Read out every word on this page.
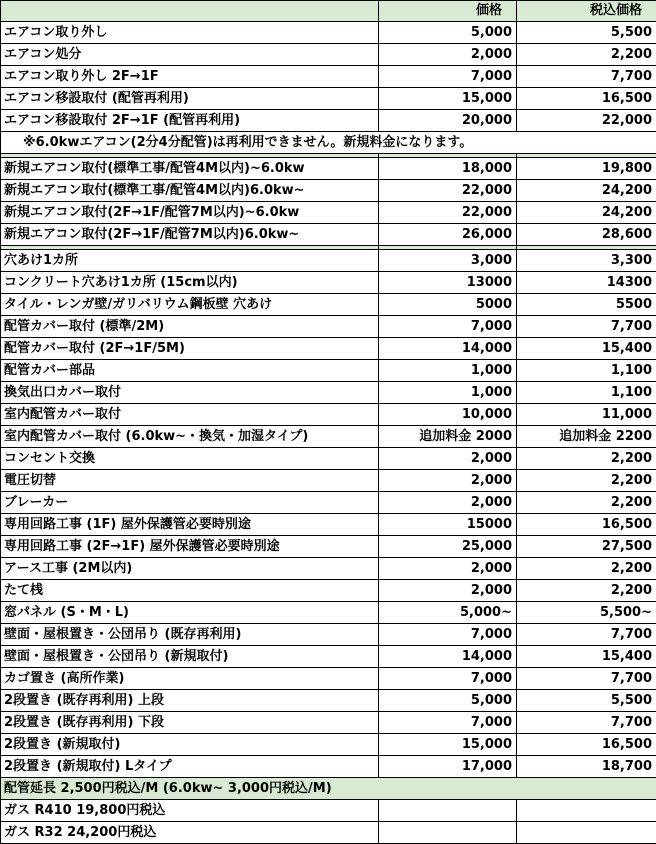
	価格	税込価格
エアコン取り外し	5,000	5,500
エアコン処分	2,000	2,200
エアコン取り外し 2F→1F	7,000	7,700
エアコン移設取付 (配管再利用)	15,000	16,500
エアコン移設取付 2F→1F (配管再利用)	20,000	22,000
※6.0kwエアコン(2分4分配管)は再利用できません。新規料金になります。		

新規エアコン取付(標準工事/配管4M以内)~6.0kw	18,000	19,800
新規エアコン取付(標準工事/配管4M以内)6.0kw~	22,000	24,200
新規エアコン取付(2F→1F/配管7M以内)~6.0kw	22,000	24,200
新規エアコン取付(2F→1F/配管7M以内)6.0kw~	26,000	28,600

穴あけ1カ所	3,000	3,300
コンクリート穴あけ1カ所 (15cm以内)	13000	14300
タイル・レンガ壁/ガリバリウム鋼板壁 穴あけ	5000	5500
配管カバー取付 (標準/2M)	7,000	7,700
配管カバー取付 (2F→1F/5M)	14,000	15,400
配管カバー部品	1,000	1,100
換気出口カバー取付	1,000	1,100
室内配管カバー取付	10,000	11,000
室内配管カバー取付 (6.0kw~・換気・加湿タイプ)	追加料金 2000	追加料金 2200
コンセント交換	2,000	2,200
電圧切替	2,000	2,200
ブレーカー	2,000	2,200
専用回路工事 (1F) 屋外保護管必要時別途	15000	16,500
専用回路工事 (2F→1F) 屋外保護管必要時別途	25,000	27,500
アース工事 (2M以内)	2,000	2,200
たて桟	2,000	2,200
窓パネル (S・M・L)	5,000~	5,500~
壁面・屋根置き・公団吊り (既存再利用)	7,000	7,700
壁面・屋根置き・公団吊り (新規取付)	14,000	15,400
カゴ置き (高所作業)	7,000	7,700
2段置き (既存再利用) 上段	5,000	5,500
2段置き (既存再利用) 下段	7,000	7,700
2段置き (新規取付)	15,000	16,500
2段置き (新規取付) Lタイプ	17,000	18,700
配管延長 2,500円税込/M (6.0kw~ 3,000円税込/M)		
ガス R410 19,800円税込		
ガス R32 24,200円税込		
